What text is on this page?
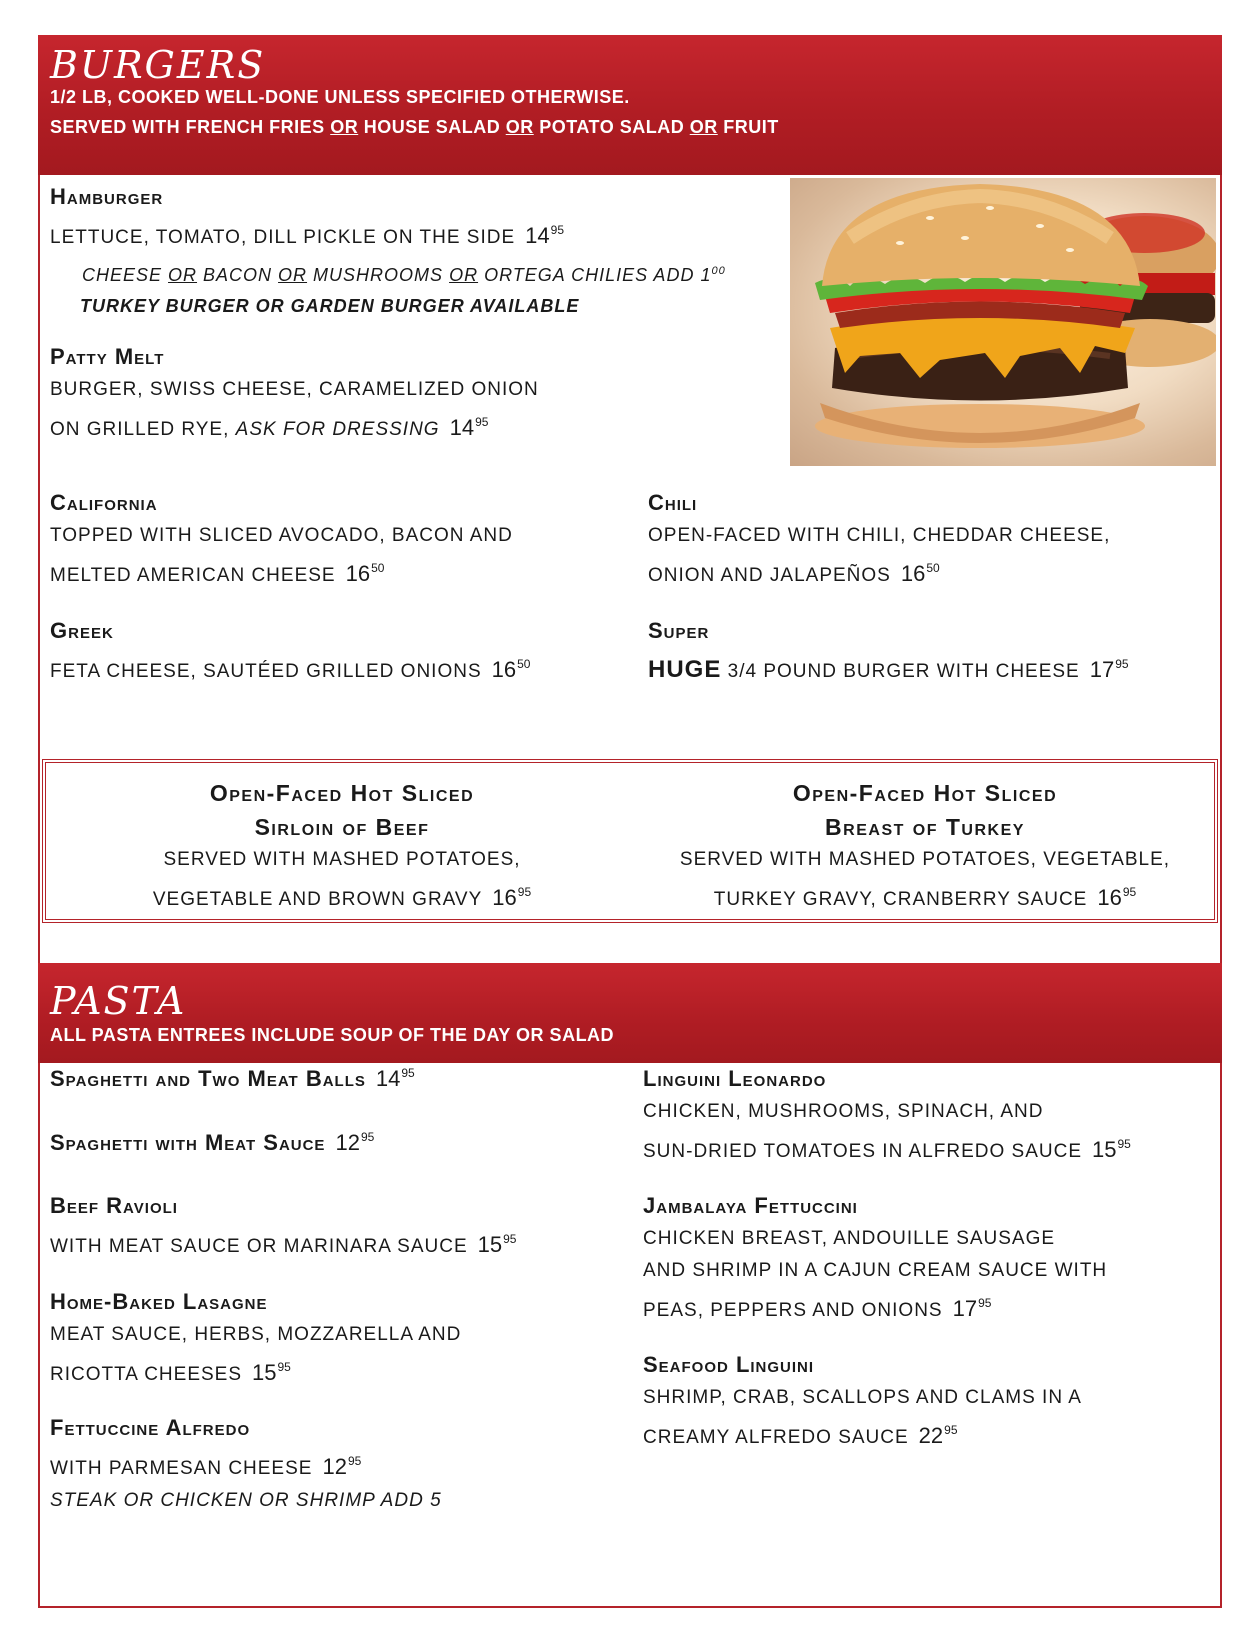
BURGERS
1/2 LB, COOKED WELL-DONE UNLESS SPECIFIED OTHERWISE.
SERVED WITH FRENCH FRIES OR HOUSE SALAD OR POTATO SALAD OR FRUIT
Hamburger
LETTUCE, TOMATO, DILL PICKLE ON THE SIDE $14^{95}$
CHEESE OR BACON OR MUSHROOMS OR ORTEGA CHILIES ADD $1^{00}$
TURKEY BURGER OR GARDEN BURGER AVAILABLE
Patty Melt
BURGER, SWISS CHEESE, CARAMELIZED ONION
ON GRILLED RYE, ASK FOR DRESSING $14^{95}$
California
TOPPED WITH SLICED AVOCADO, BACON AND
MELTED AMERICAN CHEESE $16^{50}$
Chili
OPEN-FACED WITH CHILI, CHEDDAR CHEESE,
ONION AND JALAPEÑOS $16^{50}$
Greek
FETA CHEESE, SAUTÉED GRILLED ONIONS $16^{50}$
Super
HUGE 3/4 POUND BURGER WITH CHEESE $17^{95}$
Open-Faced Hot Sliced
Sirloin of Beef
SERVED WITH MASHED POTATOES,
VEGETABLE AND BROWN GRAVY $16^{95}$
Open-Faced Hot Sliced
Breast of Turkey
SERVED WITH MASHED POTATOES, VEGETABLE,
TURKEY GRAVY, CRANBERRY SAUCE $16^{95}$
PASTA
ALL PASTA ENTREES INCLUDE SOUP OF THE DAY OR SALAD
Spaghetti and Two Meat Balls $14^{95}$
Spaghetti with Meat Sauce $12^{95}$
Beef Ravioli
WITH MEAT SAUCE OR MARINARA SAUCE $15^{95}$
Home-Baked Lasagne
MEAT SAUCE, HERBS, MOZZARELLA AND
RICOTTA CHEESES $15^{95}$
Fettuccine Alfredo
WITH PARMESAN CHEESE $12^{95}$
STEAK OR CHICKEN OR SHRIMP ADD 5
Linguini Leonardo
CHICKEN, MUSHROOMS, SPINACH, AND
SUN-DRIED TOMATOES IN ALFREDO SAUCE $15^{95}$
Jambalaya Fettuccini
CHICKEN BREAST, ANDOUILLE SAUSAGE
AND SHRIMP IN A CAJUN CREAM SAUCE WITH
PEAS, PEPPERS AND ONIONS $17^{95}$
Seafood Linguini
SHRIMP, CRAB, SCALLOPS AND CLAMS IN A
CREAMY ALFREDO SAUCE $22^{95}$
